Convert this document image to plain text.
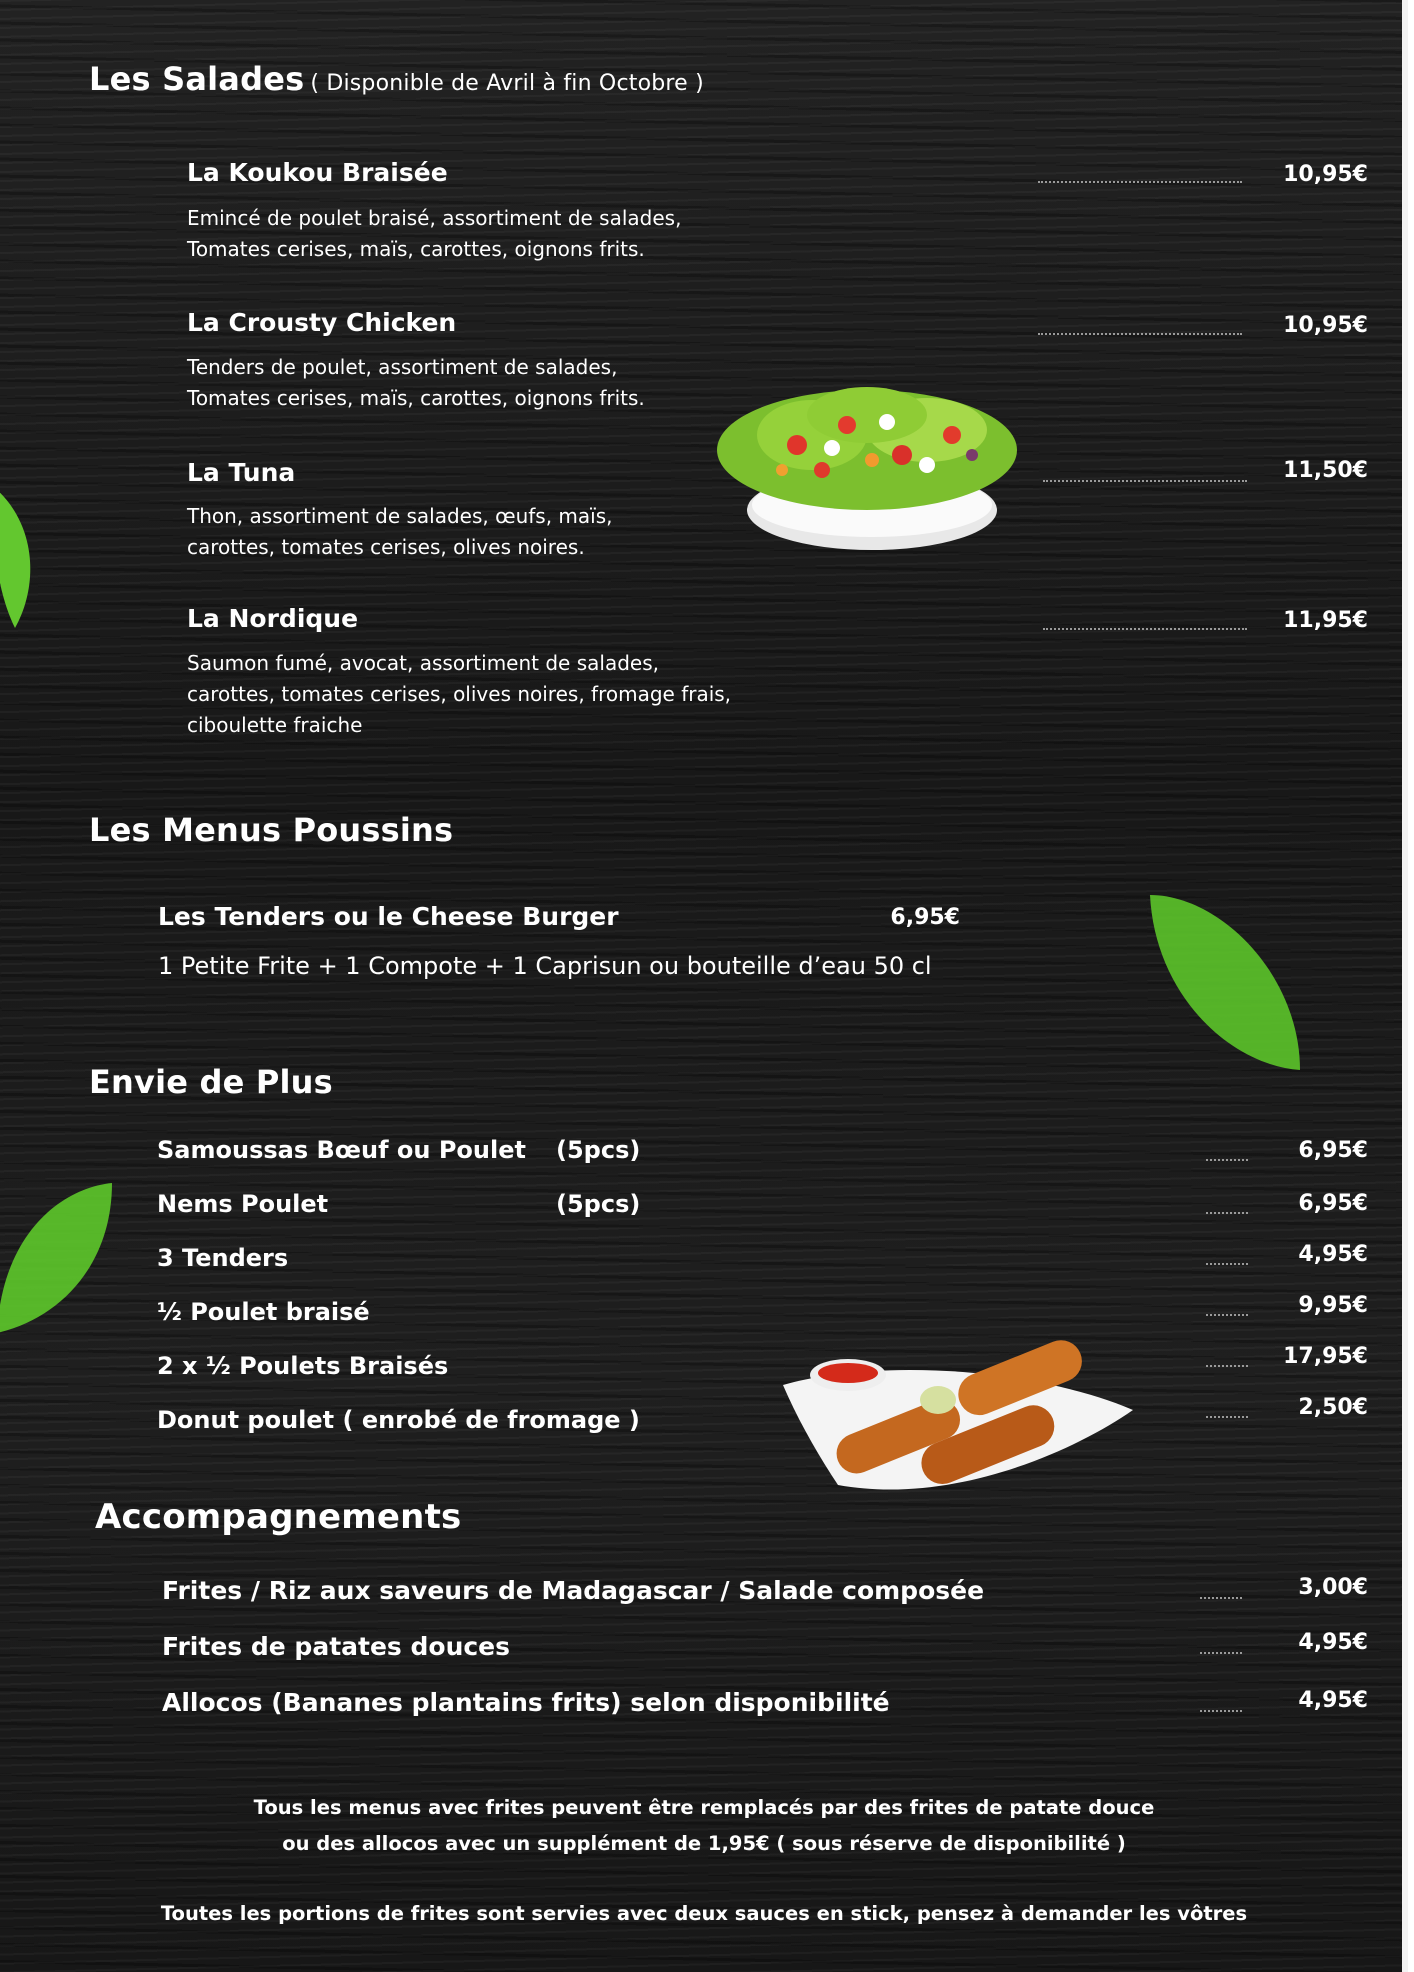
Les Salades ( Disponible de Avril à fin Octobre )
La Koukou Braisée	10,95€
Emincé de poulet braisé, assortiment de salades,
Tomates cerises, maïs, carottes, oignons frits.
La Crousty Chicken	10,95€
Tenders de poulet, assortiment de salades,
Tomates cerises, maïs, carottes, oignons frits.
La Tuna	11,50€
Thon, assortiment de salades, œufs, maïs,
carottes, tomates cerises, olives noires.
La Nordique	11,95€
Saumon fumé, avocat, assortiment de salades,
carottes, tomates cerises, olives noires, fromage frais,
ciboulette fraiche
Les Menus Poussins
Les Tenders ou le Cheese Burger	6,95€
1 Petite Frite + 1 Compote + 1 Caprisun ou bouteille d’eau 50 cl
Envie de Plus
Samoussas Bœuf ou Poulet (5pcs)	6,95€
Nems Poulet	(5pcs)	6,95€
3 Tenders	4,95€
½ Poulet braisé	9,95€
2 x ½ Poulets Braisés	17,95€
Donut poulet ( enrobé de fromage )	2,50€
Accompagnements
Frites / Riz aux saveurs de Madagascar / Salade composée	3,00€
Frites de patates douces	4,95€
Allocos (Bananes plantains frits) selon disponibilité	4,95€
Tous les menus avec frites peuvent être remplacés par des frites de patate douce
ou des allocos avec un supplément de 1,95€ ( sous réserve de disponibilité )
Toutes les portions de frites sont servies avec deux sauces en stick, pensez à demander les vôtres
